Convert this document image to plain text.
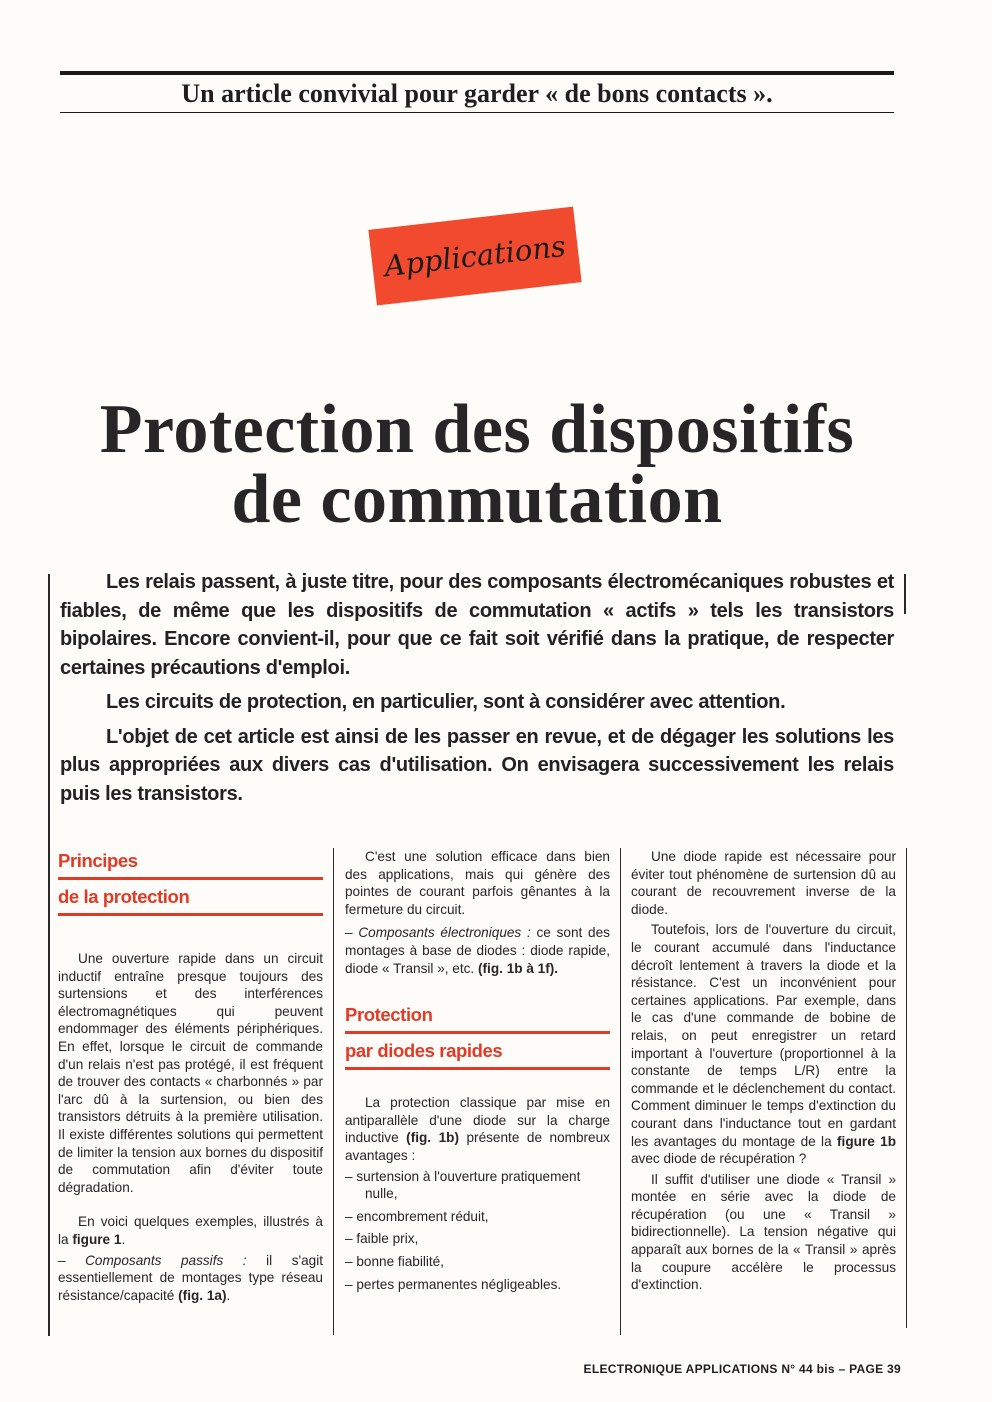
Un article convivial pour garder « de bons contacts ».
Applications
Protection des dispositifs
de commutation

Les relais passent, à juste titre, pour des composants électromécaniques robustes et fiables, de même que les dispositifs de commutation « actifs » tels les transistors bipolaires. Encore convient-il, pour que ce fait soit vérifié dans la pratique, de respecter certaines précautions d'emploi.

Les circuits de protection, en particulier, sont à considérer avec attention.

L'objet de cet article est ainsi de les passer en revue, et de dégager les solutions les plus appropriées aux divers cas d'utilisation. On envisagera successivement les relais puis les transistors.

Principes
de la protection

Une ouverture rapide dans un circuit inductif entraîne presque toujours des surtensions et des interférences électromagnétiques qui peuvent endommager des éléments périphériques. En effet, lorsque le circuit de commande d'un relais n'est pas protégé, il est fréquent de trouver des contacts « charbonnés » par l'arc dû à la surtension, ou bien des transistors détruits à la première utilisation. Il existe différentes solutions qui permettent de limiter la tension aux bornes du dispositif de commutation afin d'éviter toute dégradation.

En voici quelques exemples, illustrés à la figure 1.

– Composants passifs : il s'agit essentiellement de montages type réseau résistance/capacité (fig. 1a).

C'est une solution efficace dans bien des applications, mais qui génère des pointes de courant parfois gênantes à la fermeture du circuit.

– Composants électroniques : ce sont des montages à base de diodes : diode rapide, diode « Transil », etc. (fig. 1b à 1f).

Protection
par diodes rapides

La protection classique par mise en antiparallèle d'une diode sur la charge inductive (fig. 1b) présente de nombreux avantages :

– surtension à l'ouverture pratiquement nulle,
– encombrement réduit,
– faible prix,
– bonne fiabilité,
– pertes permanentes négligeables.

Une diode rapide est nécessaire pour éviter tout phénomène de surtension dû au courant de recouvrement inverse de la diode.

Toutefois, lors de l'ouverture du circuit, le courant accumulé dans l'inductance décroît lentement à travers la diode et la résistance. C'est un inconvénient pour certaines applications. Par exemple, dans le cas d'une commande de bobine de relais, on peut enregistrer un retard important à l'ouverture (proportionnel à la constante de temps L/R) entre la commande et le déclenchement du contact. Comment diminuer le temps d'extinction du courant dans l'inductance tout en gardant les avantages du montage de la figure 1b avec diode de récupération ?

Il suffit d'utiliser une diode « Transil » montée en série avec la diode de récupération (ou une « Transil » bidirectionnelle). La tension négative qui apparaît aux bornes de la « Transil » après la coupure accélère le processus d'extinction.

ELECTRONIQUE APPLICATIONS N° 44 bis – PAGE 39
